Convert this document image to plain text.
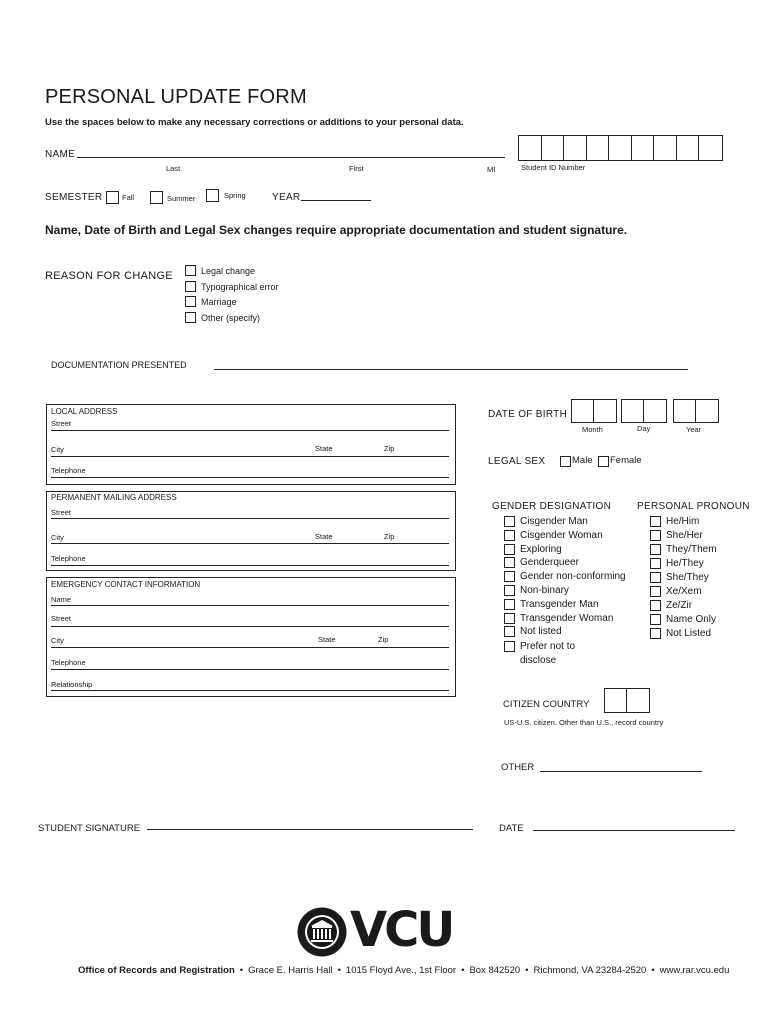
PERSONAL UPDATE FORM
Use the spaces below to make any necessary corrections or additions to your personal data.
NAME
Last	First	MI	Student ID Number
SEMESTER	Fall	Summer	Spring	YEAR
Name, Date of Birth and Legal Sex changes require appropriate documentation and student signature.
REASON FOR CHANGE	Legal change
Typographical error
Marriage
Other (specify)
DOCUMENTATION PRESENTED
LOCAL ADDRESS
Street
City	State	Zip
Telephone
PERMANENT MAILING ADDRESS
Street
City	State	Zip
Telephone
EMERGENCY CONTACT INFORMATION
Name
Street
City	State	Zip
Telephone
Relationship
DATE OF BIRTH
Month	Day	Year
LEGAL SEX	Male Female
GENDER DESIGNATION
Cisgender Man
Cisgender Woman
Exploring
Genderqueer
Gender non-conforming
Non-binary
Transgender Man
Transgender Woman
Not listed
Prefer not to
disclose
PERSONAL PRONOUN
He/Him
She/Her
They/Them
He/They
She/They
Xe/Xem
Ze/Zir
Name Only
Not Listed
CITIZEN COUNTRY
US-U.S. citizen. Other than U.S., record country
OTHER
STUDENT SIGNATURE	DATE
VCU
Office of Records and Registration • Grace E. Harris Hall • 1015 Floyd Ave., 1st Floor • Box 842520 • Richmond, VA 23284-2520 • www.rar.vcu.edu
